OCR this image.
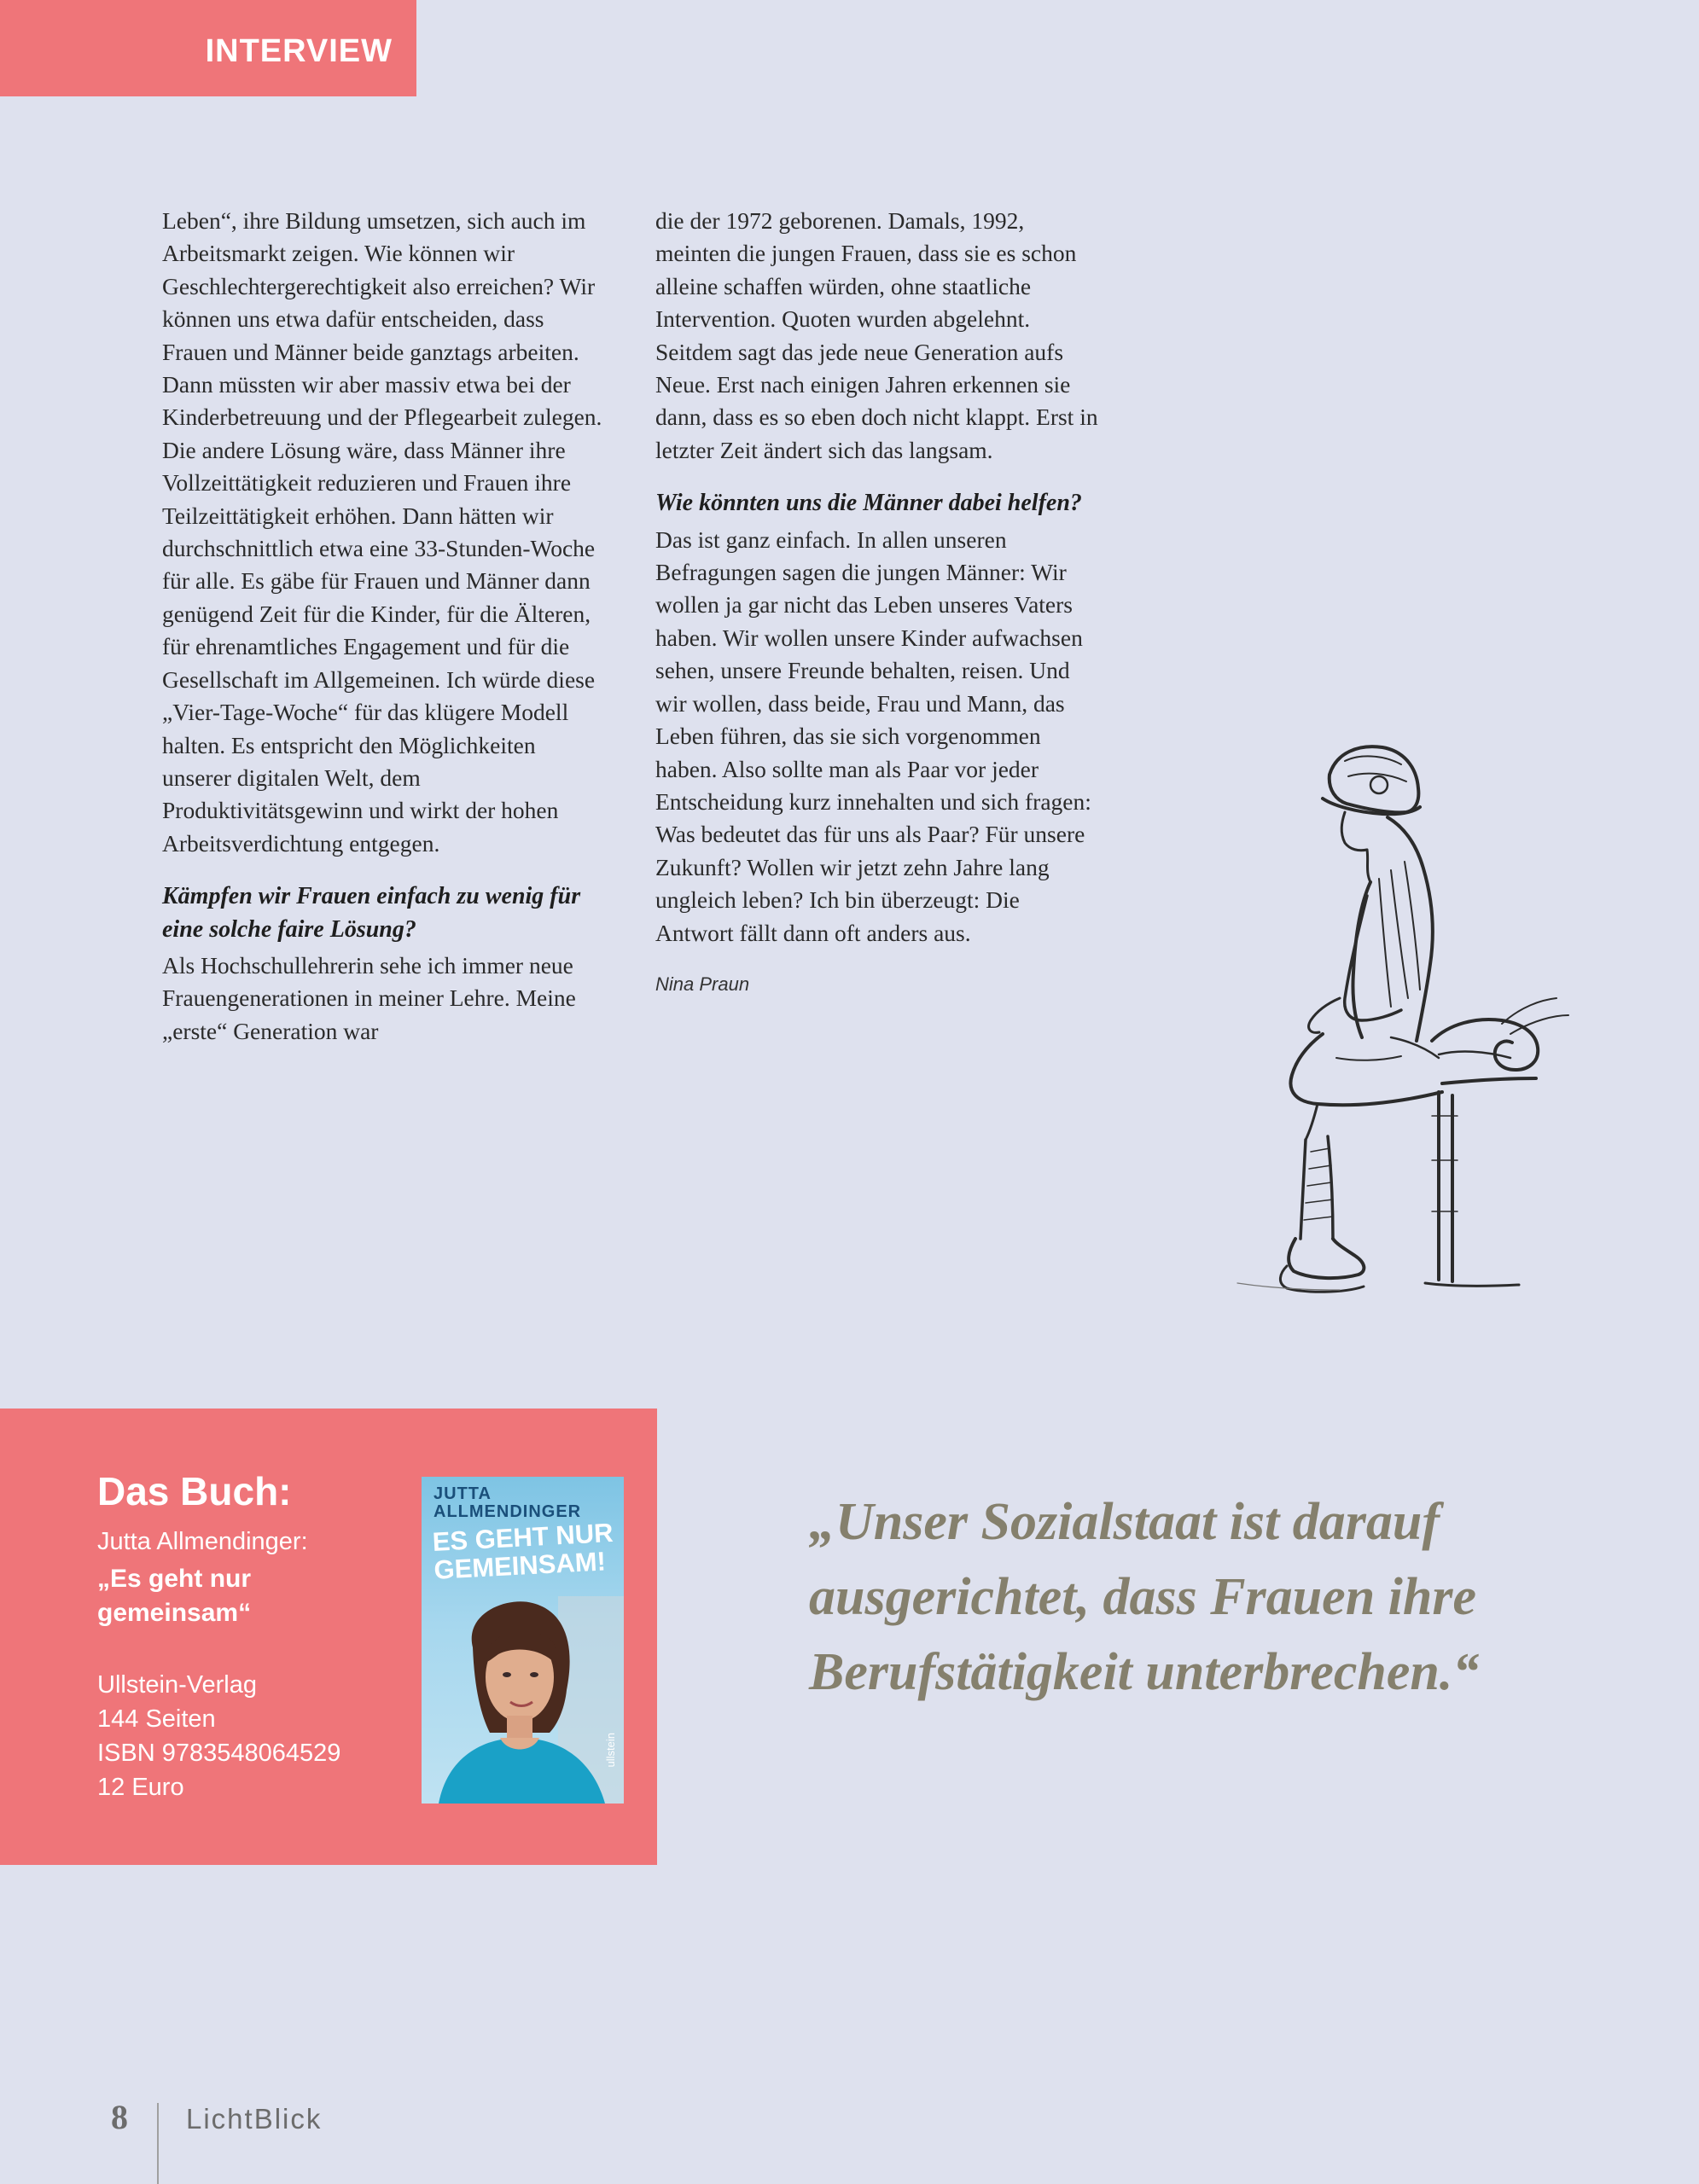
INTERVIEW

Leben“, ihre Bildung umsetzen, sich auch im Arbeitsmarkt zeigen. Wie können wir Geschlechtergerechtigkeit also erreichen? Wir können uns etwa dafür entscheiden, dass Frauen und Männer beide ganztags arbeiten. Dann müssten wir aber massiv etwa bei der Kinderbetreuung und der Pflegearbeit zulegen. Die andere Lösung wäre, dass Männer ihre Vollzeittätigkeit reduzieren und Frauen ihre Teilzeittätigkeit erhöhen. Dann hätten wir durchschnittlich etwa eine 33-Stunden-Woche für alle. Es gäbe für Frauen und Männer dann genügend Zeit für die Kinder, für die Älteren, für ehrenamtliches Engagement und für die Gesellschaft im Allgemeinen. Ich würde diese „Vier-Tage-Woche“ für das klügere Modell halten. Es entspricht den Möglichkeiten unserer digitalen Welt, dem Produktivitätsgewinn und wirkt der hohen Arbeitsverdichtung entgegen.

Kämpfen wir Frauen einfach zu wenig für eine solche faire Lösung?

Als Hochschullehrerin sehe ich immer neue Frauengenerationen in meiner Lehre. Meine „erste“ Generation war

die der 1972 geborenen. Damals, 1992, meinten die jungen Frauen, dass sie es schon alleine schaffen würden, ohne staatliche Intervention. Quoten wurden abgelehnt. Seitdem sagt das jede neue Generation aufs Neue. Erst nach einigen Jahren erkennen sie dann, dass es so eben doch nicht klappt. Erst in letzter Zeit ändert sich das langsam.

Wie könnten uns die Männer dabei helfen?

Das ist ganz einfach. In allen unseren Befragungen sagen die jungen Männer: Wir wollen ja gar nicht das Leben unseres Vaters haben. Wir wollen unsere Kinder aufwachsen sehen, unsere Freunde behalten, reisen. Und wir wollen, dass beide, Frau und Mann, das Leben führen, das sie sich vorgenommen haben. Also sollte man als Paar vor jeder Entscheidung kurz innehalten und sich fragen: Was bedeutet das für uns als Paar? Für unsere Zukunft? Wollen wir jetzt zehn Jahre lang ungleich leben? Ich bin überzeugt: Die Antwort fällt dann oft anders aus.

Nina Praun

Das Buch:
Jutta Allmendinger:
„Es geht nur gemeinsam“
Ullstein-Verlag
144 Seiten
ISBN 9783548064529
12 Euro
JUTTA ALLMENDINGER
ES GEHT NUR GEMEINSAM!
ullstein
„Unser Sozialstaat ist darauf ausgerichtet, dass Frauen ihre Berufstätigkeit unterbrechen.“
8 LichtBlick
